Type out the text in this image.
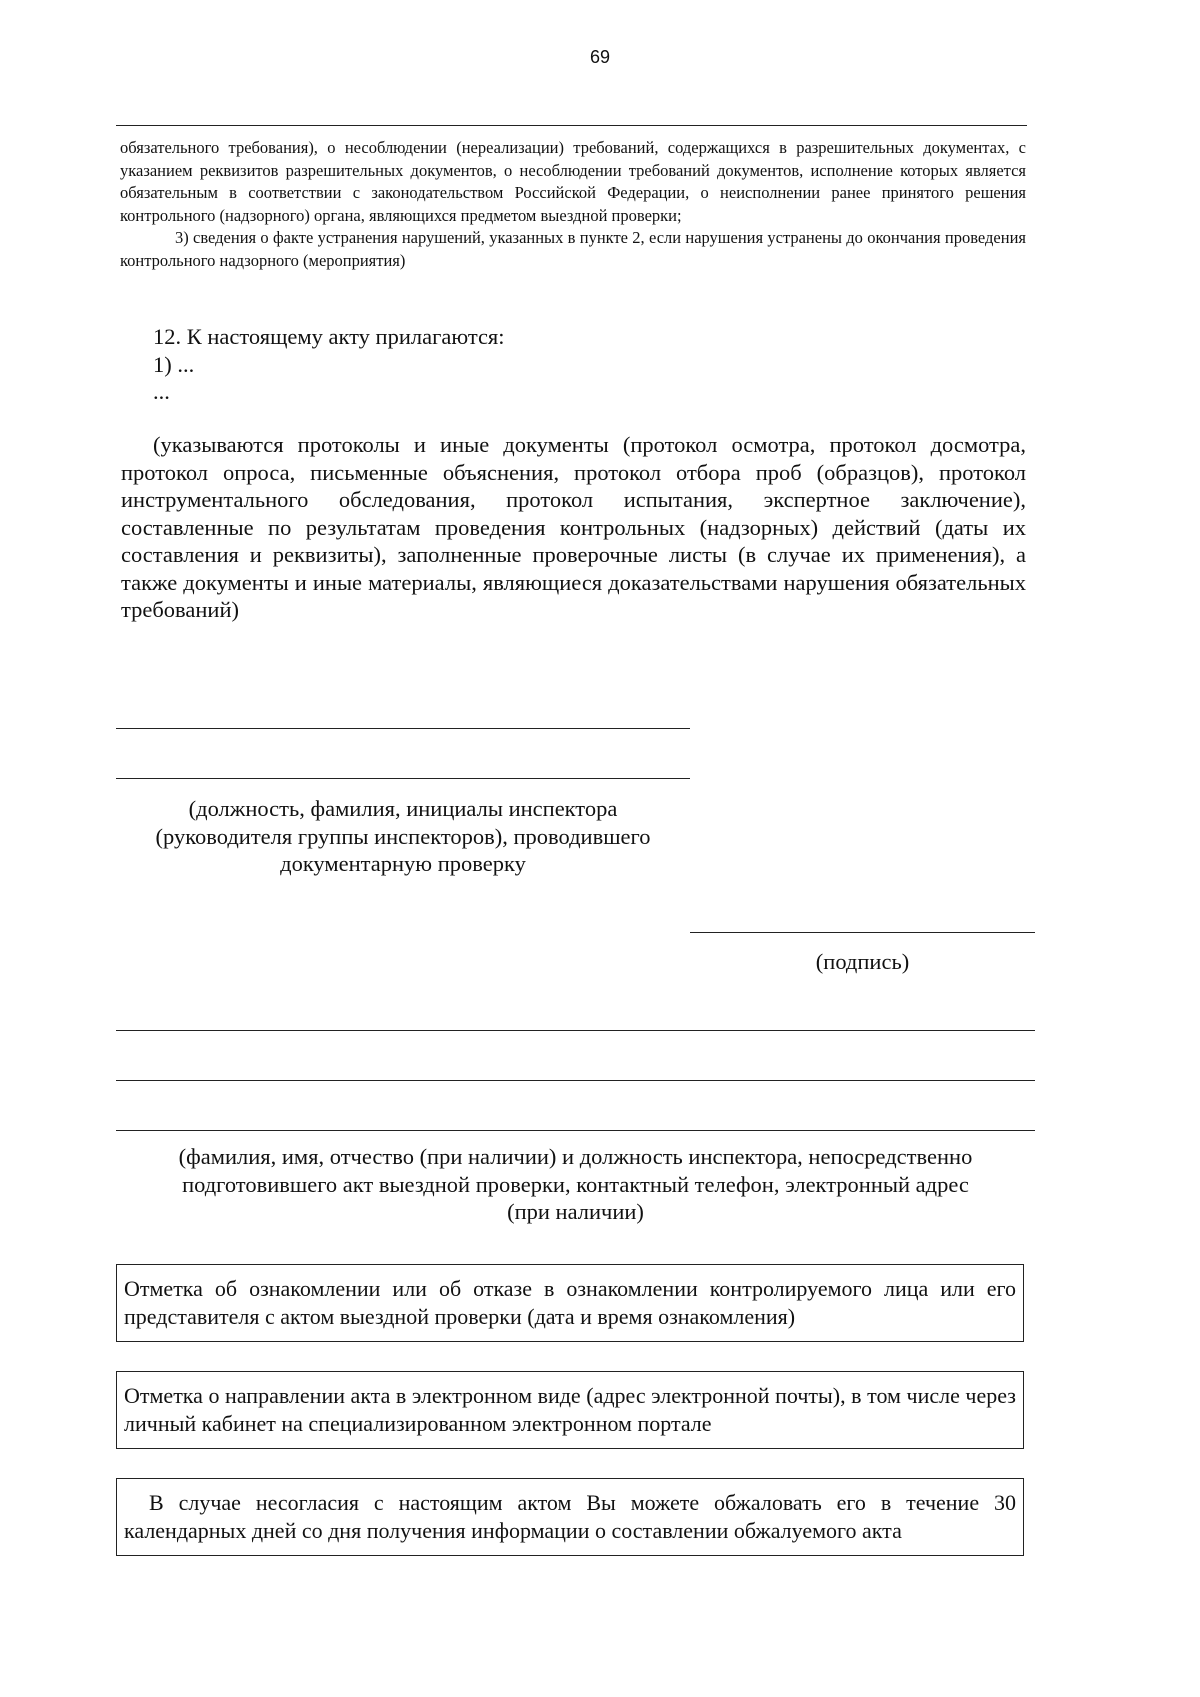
69

обязательного требования), о несоблюдении (нереализации) требований, содержащихся в разрешительных документах, с указанием реквизитов разрешительных документов, о несоблюдении требований документов, исполнение которых является обязательным в соответствии с законодательством Российской Федерации, о неисполнении ранее принятого решения контрольного (надзорного) органа, являющихся предметом выездной проверки;

3) сведения о факте устранения нарушений, указанных в пункте 2, если нарушения устранены до окончания проведения контрольного надзорного (мероприятия)

12. К настоящему акту прилагаются:
1) ...
...
(указываются протоколы и иные документы (протокол осмотра, протокол досмотра, протокол опроса, письменные объяснения, протокол отбора проб (образцов), протокол инструментального обследования, протокол испытания, экспертное заключение), составленные по результатам проведения контрольных (надзорных) действий (даты их составления и реквизиты), заполненные проверочные листы (в случае их применения), а также документы и иные материалы, являющиеся доказательствами нарушения обязательных требований)
(должность, фамилия, инициалы инспектора
(руководителя группы инспекторов), проводившего
документарную проверку
(подпись)
(фамилия, имя, отчество (при наличии) и должность инспектора, непосредственно
подготовившего акт выездной проверки, контактный телефон, электронный адрес
(при наличии)

Отметка об ознакомлении или об отказе в ознакомлении контролируемого лица или его представителя с актом выездной проверки (дата и время ознакомления)

Отметка о направлении акта в электронном виде (адрес электронной почты), в том числе через личный кабинет на специализированном электронном портале

В случае несогласия с настоящим актом Вы можете обжаловать его в течение 30 календарных дней со дня получения информации о составлении обжалуемого акта
